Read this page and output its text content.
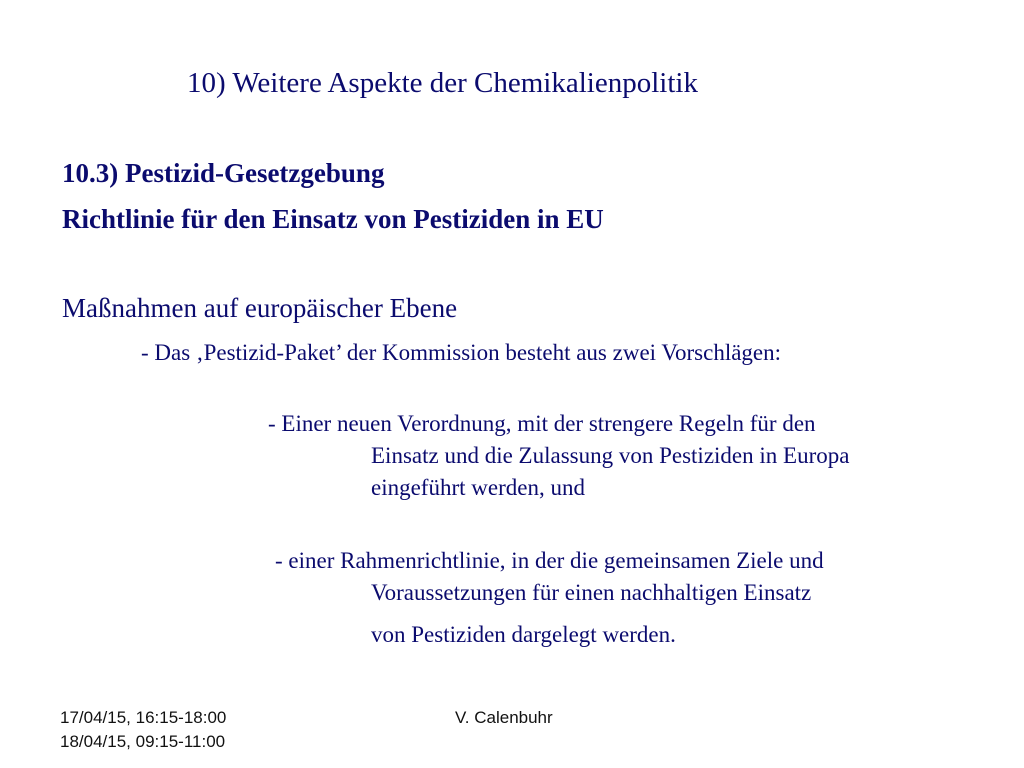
10) Weitere Aspekte der Chemikalienpolitik
10.3) Pestizid-Gesetzgebung
Richtlinie für den Einsatz von Pestiziden in EU
Maßnahmen auf europäischer Ebene
- Das ‚Pestizid-Paket’ der Kommission besteht aus zwei Vorschlägen:
- Einer neuen Verordnung, mit der strengere Regeln für den
Einsatz und die Zulassung von Pestiziden in Europa
eingeführt werden, und
- einer Rahmenrichtlinie, in der die gemeinsamen Ziele und
Voraussetzungen für einen nachhaltigen Einsatz
von Pestiziden dargelegt werden.
17/04/15, 16:15-18:00
18/04/15, 09:15-11:00
V. Calenbuhr
